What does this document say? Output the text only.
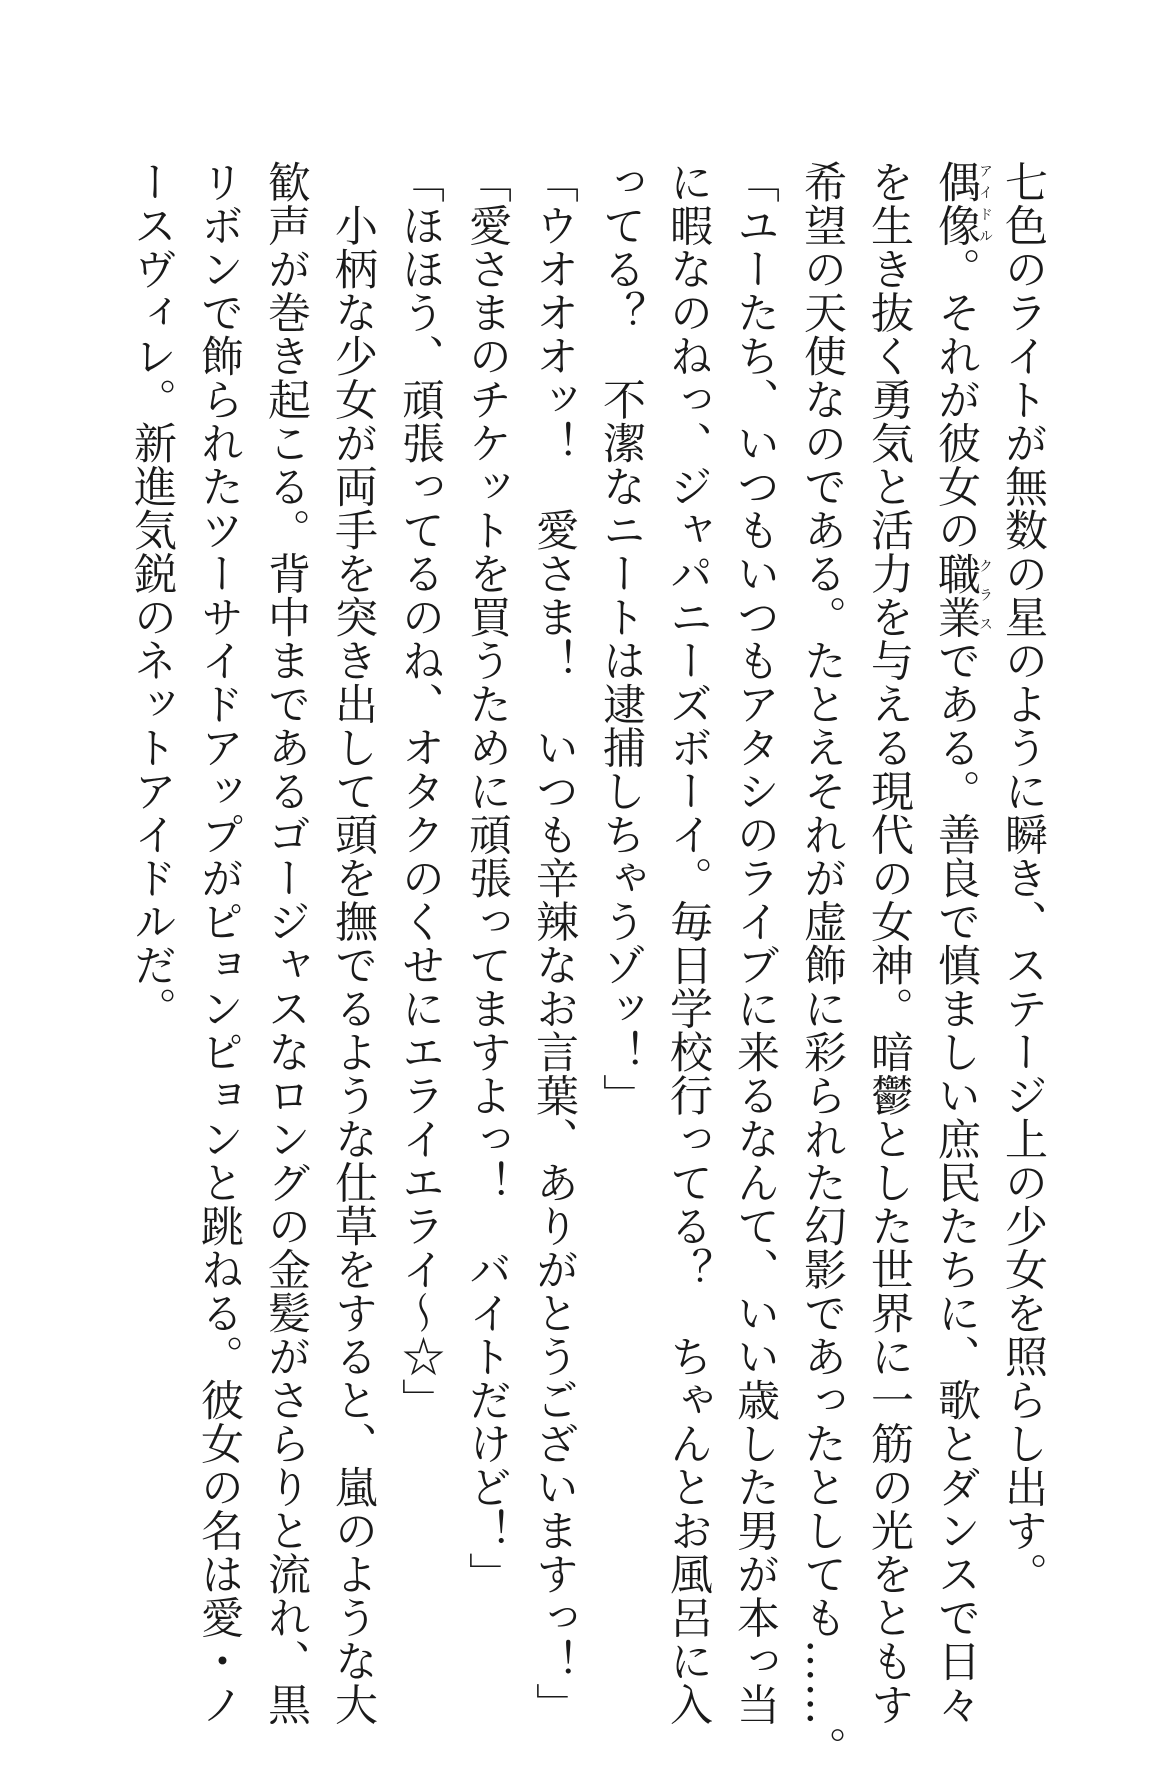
七色のライトが無数の星のように瞬き、ステージ上の少女を照らし出す。
偶像アイドル。それが彼女の職業クラスである。善良で慎ましい庶民たちに、歌とダンスで日々
を生き抜く勇気と活力を与える現代の女神。暗鬱とした世界に一筋の光をともす
希望の天使なのである。たとえそれが虚飾に彩られた幻影であったとしても……。

「ユーたち、いつもいつもアタシのライブに来るなんて、いい歳した男が本っ当
に暇なのねっ、ジャパニーズボーイ。毎日学校行ってる？　ちゃんとお風呂に入
ってる？　不潔なニートは逮捕しちゃうゾッ！」

「ウオオオッ！　愛さま！　いつも辛辣なお言葉、ありがとうございますっ！」

「愛さまのチケットを買うために頑張ってますよっ！　バイトだけど！」

「ほほう、頑張ってるのね、オタクのくせにエライエライ～☆」

　小柄な少女が両手を突き出して頭を撫でるような仕草をすると、嵐のような大
歓声が巻き起こる。背中まであるゴージャスなロングの金髪がさらりと流れ、黒
リボンで飾られたツーサイドアップがピョンピョンと跳ねる。彼女の名は愛・ノ
ースヴィレ。新進気鋭のネットアイドルだ。
